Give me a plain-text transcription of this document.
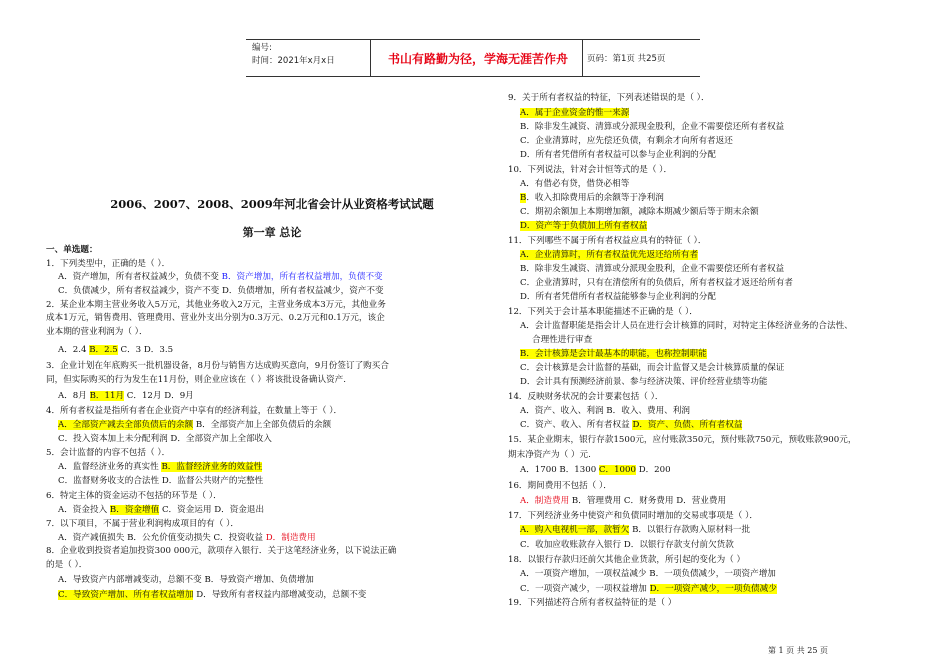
编号:
时间：2021年x月x日	书山有路勤为径，学海无涯苦作舟	页码：第1页 共25页
2006、2007、2008、2009年河北省会计从业资格考试试题
第一章 总论
一、单选题：
1．下列类型中，正确的是（ ）．
A．资产增加，所有者权益减少，负债不变 B．资产增加，所有者权益增加，负债不变
C．负债减少，所有者权益减少，资产不变 D．负债增加，所有者权益减少，资产不变
2．某企业本期主营业务收入5万元，其他业务收入2万元，主营业务成本3万元，其他业务
成本1万元，销售费用、管理费用、营业外支出分别为0.3万元、0.2万元和0.1万元，该企
业本期的营业利润为（ ）．
A．2.4 B．2.5 C．3 D．3.5
3．企业计划在年底购买一批机器设备，8月份与销售方达成购买意向，9月份签订了购买合
同，但实际购买的行为发生在11月份，则企业应该在（ ）将该批设备确认资产.
A．8月 B．11月 C．12月 D．9月
4．所有者权益是指所有者在企业资产中享有的经济利益，在数量上等于（ ）．
A．全部资产减去全部负债后的余额 B．全部资产加上全部负债后的余额
C．投入资本加上未分配利润 D．全部资产加上全部收入
5．会计监督的内容不包括（ ）．
A．监督经济业务的真实性 B．监督经济业务的效益性
C．监督财务收支的合法性 D．监督公共财产的完整性
6．特定主体的资金运动不包括的环节是（ ）．
A．资金投入 B．资金增值 C．资金运用 D．资金退出
7．以下项目，不属于营业利润构成项目的有（ ）．
A．资产减值损失 B．公允价值变动损失 C．投资收益 D．制造费用
8．企业收到投资者追加投资300 000元，款项存入银行．关于这笔经济业务，以下说法正确
的是（ ）．
A．导致资产内部增减变动，总额不变 B．导致资产增加、负债增加
C．导致资产增加、所有者权益增加 D．导致所有者权益内部增减变动，总额不变
9．关于所有者权益的特征，下列表述错误的是（ ）．
A．属于企业资金的惟一来源
B．除非发生减资、清算或分派现金股利，企业不需要偿还所有者权益
C．企业清算时，应先偿还负债，有剩余才向所有者返还
D．所有者凭借所有者权益可以参与企业利润的分配
10．下列说法，针对会计恒等式的是（ ）．
A．有借必有贷，借贷必相等
B．收入扣除费用后的余额等于净利润
C．期初余额加上本期增加额，减除本期减少额后等于期末余额
D．资产等于负债加上所有者权益
11．下列哪些不属于所有者权益应具有的特征（ ）．
A．企业清算时，所有者权益优先返还给所有者
B．除非发生减资、清算或分派现金股利，企业不需要偿还所有者权益
C．企业清算时，只有在清偿所有的负债后，所有者权益才返还给所有者
D．所有者凭借所有者权益能够参与企业利润的分配
12．下列关于会计基本职能描述不正确的是（ ）．
A．会计监督职能是指会计人员在进行会计核算的同时，对特定主体经济业务的合法性、
合理性进行审查
B．会计核算是会计最基本的职能，也称控制职能
C．会计核算是会计监督的基础，而会计监督又是会计核算质量的保证
D．会计具有预测经济前景、参与经济决策、评价经营业绩等功能
14．反映财务状况的会计要素包括（ ）．
A．资产、收入、利润 B．收入、费用、利润
C．资产、收入、所有者权益 D．资产、负债、所有者权益
15．某企业期末，银行存款1500元，应付账款350元，预付账款750元，预收账款900元，
期末净资产为（ ）元.
A．1700 B．1300 C．1000 D．200
16．期间费用不包括（ ）．
A．制造费用 B．管理费用 C．财务费用 D．营业费用
17．下列经济业务中使资产和负债同时增加的交易或事项是（ ）．
A．购入电视机一部，款暂欠 B．以银行存款购入原材料一批
C．收加应收账款存入银行 D．以银行存款支付前欠货款
18．以银行存款归还前欠其他企业货款，所引起的变化为（ ）
A．一项资产增加，一项权益减少 B．一项负债减少，一项资产增加
C．一项资产减少，一项权益增加 D．一项资产减少，一项负债减少
19．下列描述符合所有者权益特征的是（ ）
第 1 页 共 25 页
